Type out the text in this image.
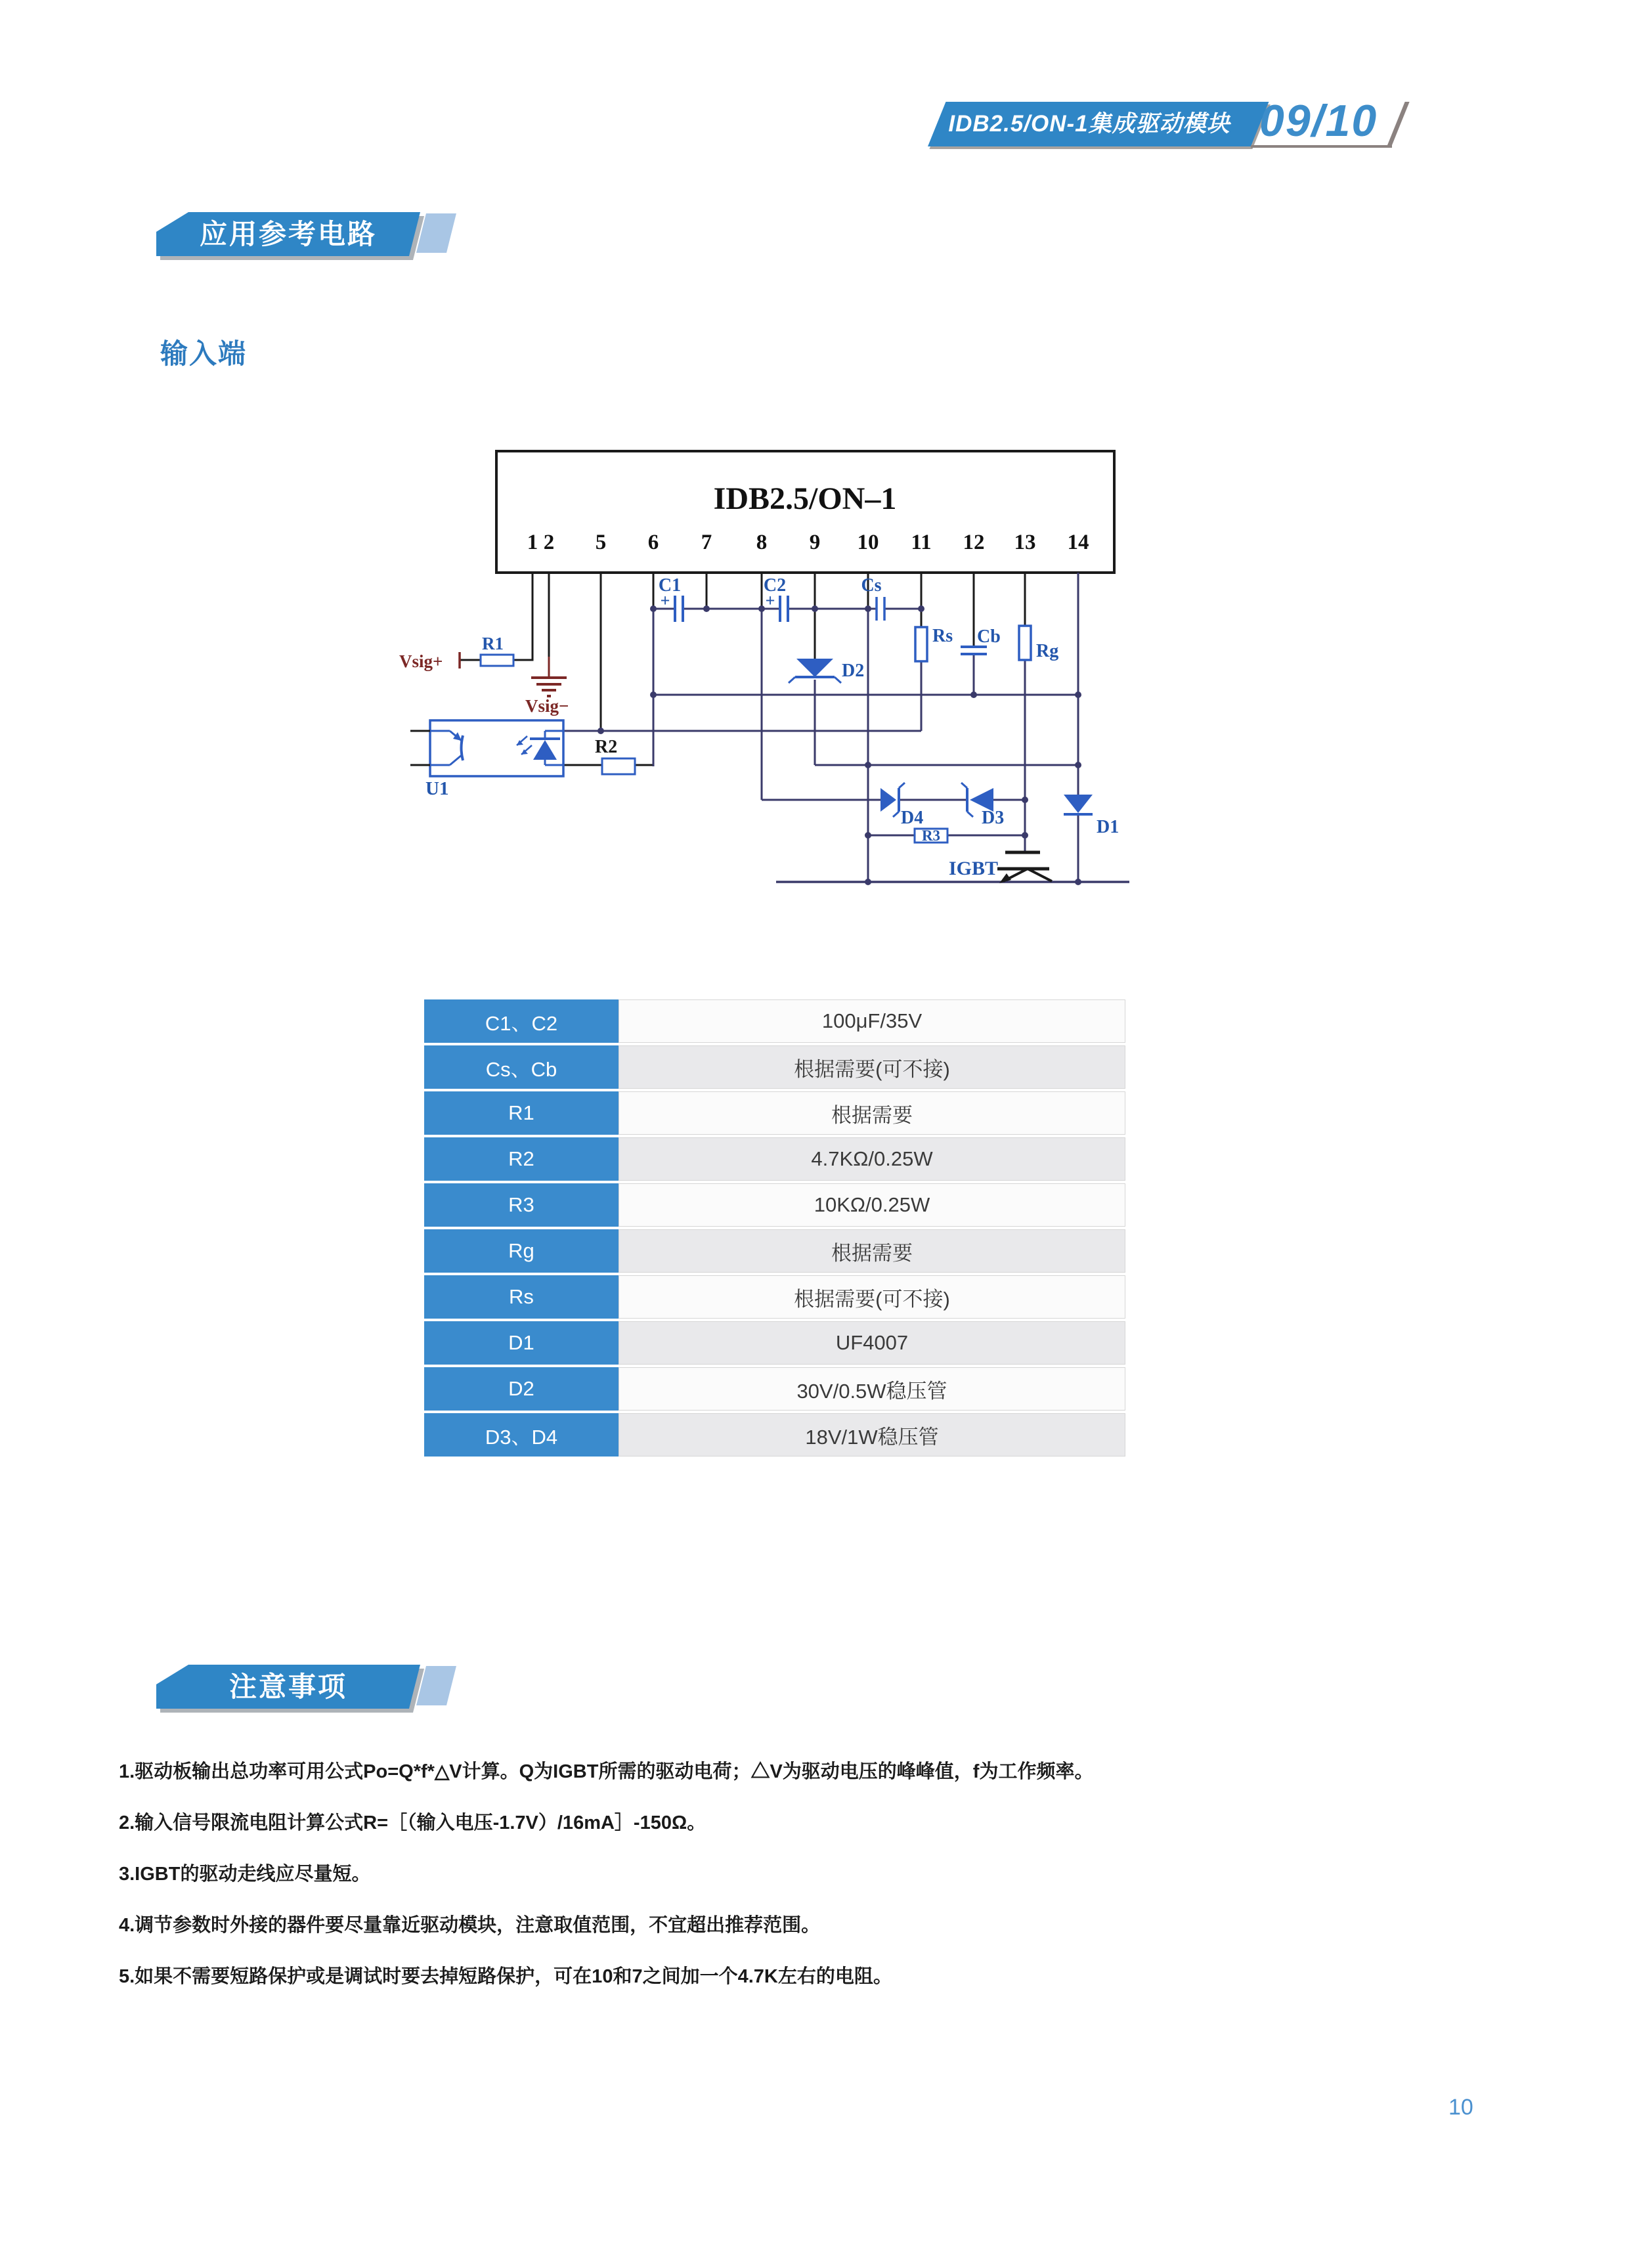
IDB2.5/ON-1集成驱动模块 09/10
应用参考电路
输入端
IDB2.5/ON–1
1 2 5 6 7 8 9 10 11 12 13 14
C1
+
C2
+
Cs
Rs Cb
Rg
D2
D4	D3	D1
IGBT
R3
R1
U1
R2
Vsig+
Vsig−
C1、C2	100μF/35V
Cs、Cb	根据需要(可不接)
R1	根据需要
R2	4.7KΩ/0.25W
R3	10KΩ/0.25W
Rg	根据需要
Rs	根据需要(可不接)
D1	UF4007
D2	30V/0.5W稳压管
D3、D4	18V/1W稳压管
注意事项
1.驱动板输出总功率可用公式Po=Q*f*△V计算。Q为IGBT所需的驱动电荷；△V为驱动电压的峰峰值，f为工作频率。
2.输入信号限流电阻计算公式R=［（输入电压-1.7V）/16mA］-150Ω。
3.IGBT的驱动走线应尽量短。
4.调节参数时外接的器件要尽量靠近驱动模块，注意取值范围，不宜超出推荐范围。
5.如果不需要短路保护或是调试时要去掉短路保护，可在10和7之间加一个4.7K左右的电阻。
10
